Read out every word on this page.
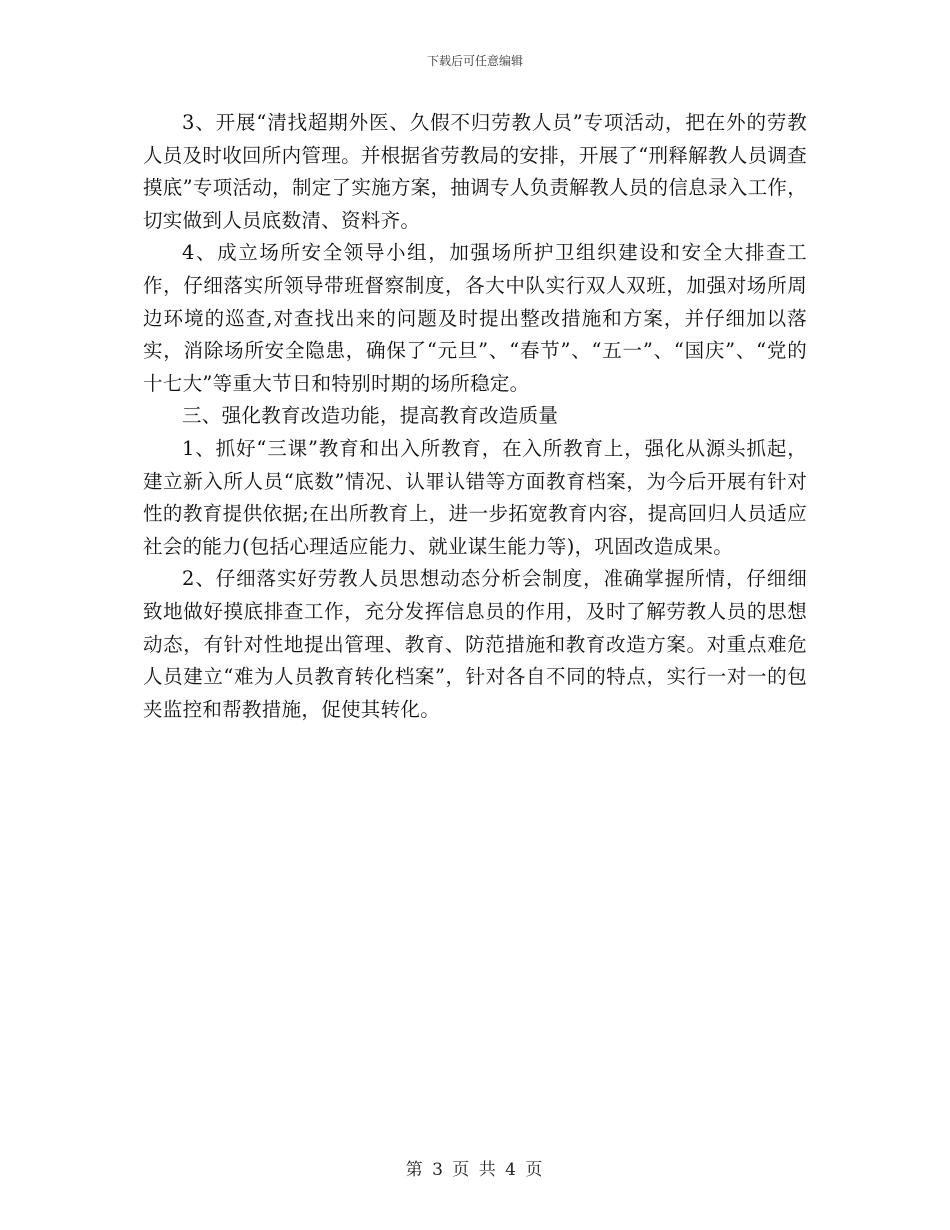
下载后可任意编辑

3、开展“清找超期外医、久假不归劳教人员”专项活动，把在外的劳教人员及时收回所内管理。并根据省劳教局的安排，开展了“刑释解教人员调查摸底”专项活动，制定了实施方案，抽调专人负责解教人员的信息录入工作，切实做到人员底数清、资料齐。

4、成立场所安全领导小组，加强场所护卫组织建设和安全大排查工作，仔细落实所领导带班督察制度，各大中队实行双人双班，加强对场所周边环境的巡查,对查找出来的问题及时提出整改措施和方案，并仔细加以落实，消除场所安全隐患，确保了“元旦”、“春节”、“五一”、“国庆”、“党的十七大”等重大节日和特别时期的场所稳定。

三、强化教育改造功能，提高教育改造质量

1、抓好“三课”教育和出入所教育，在入所教育上，强化从源头抓起，建立新入所人员“底数”情况、认罪认错等方面教育档案，为今后开展有针对性的教育提供依据;在出所教育上，进一步拓宽教育内容，提高回归人员适应社会的能力(包括心理适应能力、就业谋生能力等)，巩固改造成果。

2、仔细落实好劳教人员思想动态分析会制度，准确掌握所情，仔细细致地做好摸底排查工作，充分发挥信息员的作用，及时了解劳教人员的思想动态，有针对性地提出管理、教育、防范措施和教育改造方案。对重点难危人员建立“难为人员教育转化档案”，针对各自不同的特点，实行一对一的包夹监控和帮教措施，促使其转化。

第 3 页 共 4 页
